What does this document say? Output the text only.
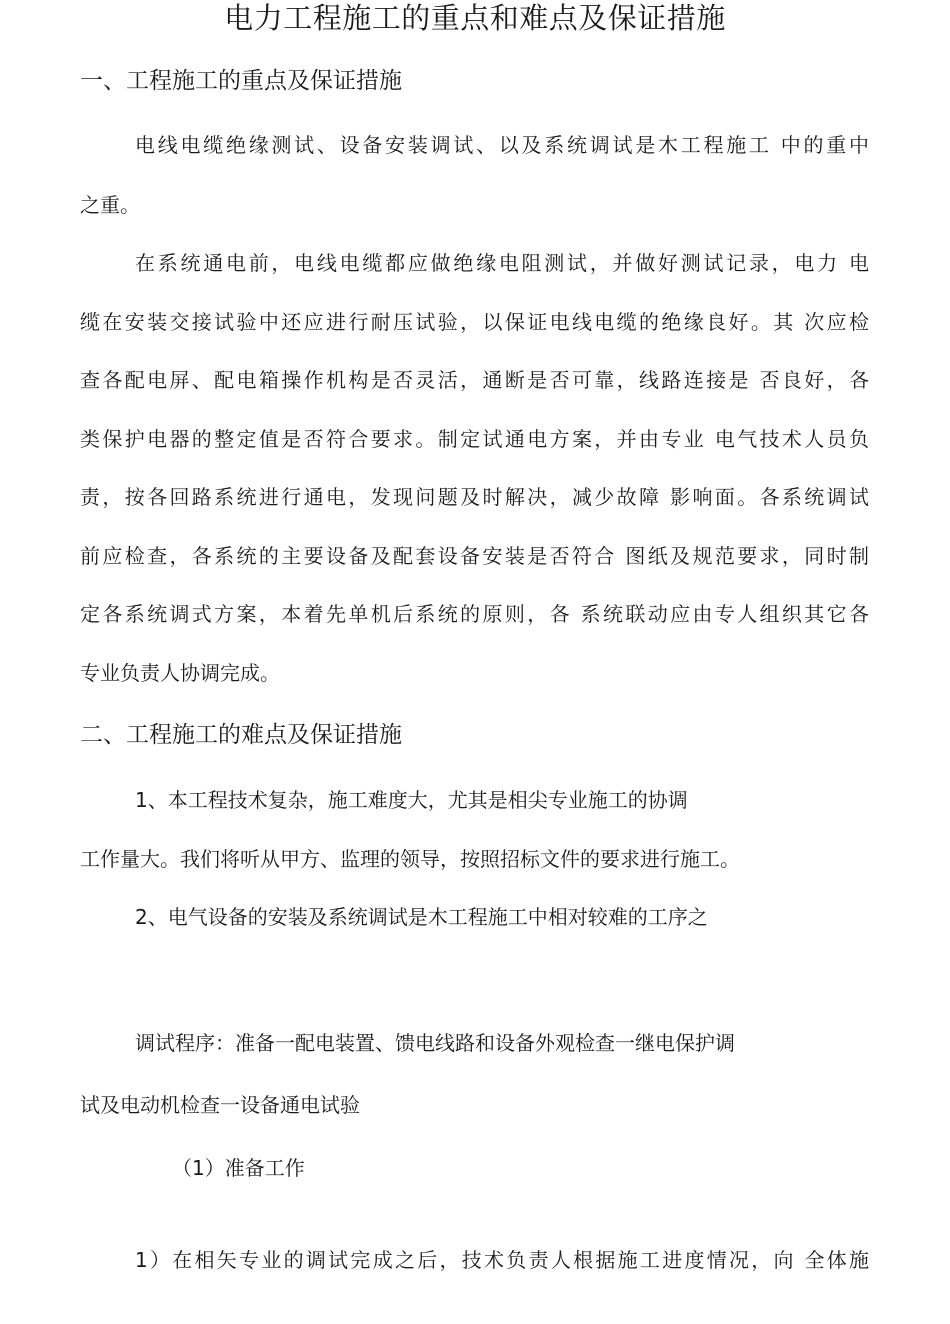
电力工程施工的重点和难点及保证措施
一、工程施工的重点及保证措施

电线电缆绝缘测试、设备安装调试、以及系统调试是木工程施工 中的重中

之重。

在系统通电前，电线电缆都应做绝缘电阻测试，并做好测试记录，电力 电

缆在安装交接试验中还应进行耐压试验，以保证电线电缆的绝缘良好。其 次应检

查各配电屏、配电箱操作机构是否灵活，通断是否可靠，线路连接是 否良好，各

类保护电器的整定值是否符合要求。制定试通电方案，并由专业 电气技术人员负

责，按各回路系统进行通电，发现问题及时解决，减少故障 影响面。各系统调试

前应检查，各系统的主要设备及配套设备安装是否符合 图纸及规范要求，同时制

定各系统调式方案，本着先单机后系统的原则，各 系统联动应由专人组织其它各

专业负责人协调完成。

二、工程施工的难点及保证措施

1、本工程技术复杂，施工难度大，尤其是相尖专业施工的协调

工作量大。我们将听从甲方、监理的领导，按照招标文件的要求进行施工。

2、电气设备的安装及系统调试是木工程施工中相对较难的工序之

调试程序：准备一配电装置、馈电线路和设备外观检查一继电保护调

试及电动机检查一设备通电试验

（1）准备工作

1）在相矢专业的调试完成之后，技术负责人根据施工进度情况，向 全体施
